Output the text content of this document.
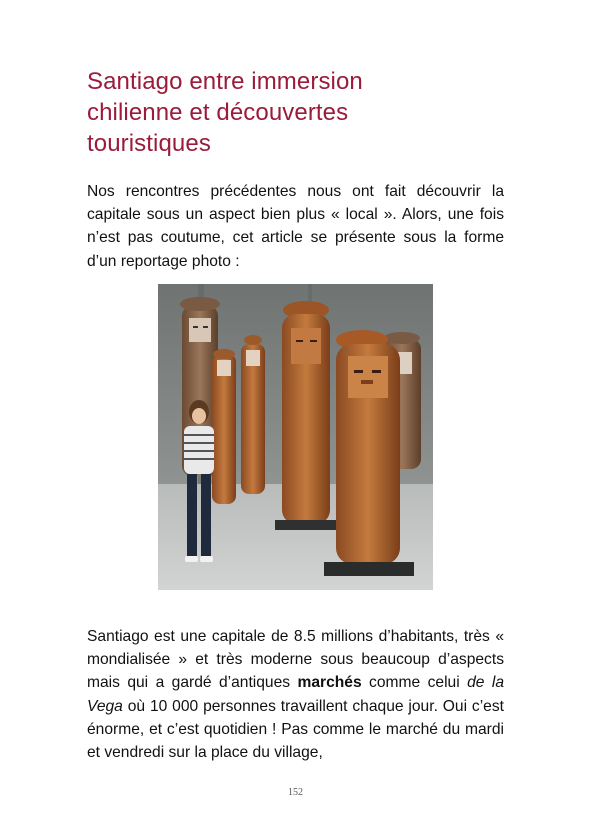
Santiago entre immersion
chilienne et découvertes
touristiques

Nos rencontres précédentes nous ont fait découvrir la capitale sous un aspect bien plus « local ». Alors, une fois n’est pas coutume, cet article se présente sous la forme d’un reportage photo :

Santiago est une capitale de 8.5 millions d’habitants, très « mondialisée » et très moderne sous beaucoup d’aspects mais qui a gardé d’antiques marchés comme celui de la Vega où 10 000 personnes travaillent chaque jour. Oui c’est énorme, et c’est quotidien ! Pas comme le marché du mardi et vendredi sur la place du village,

152
